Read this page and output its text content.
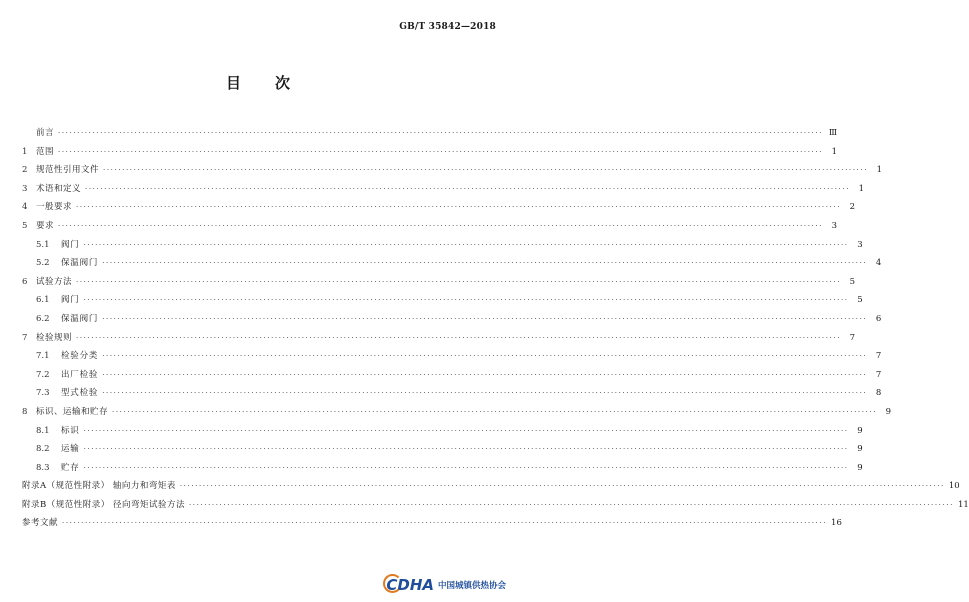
GB/T 35842—2018
目 次
前言 ········································································································································································································ Ⅲ
1	范围 ········································································································································································································	1
2	规范性引用文件 ········································································································································································································	1
3	术语和定义 ········································································································································································································	1
4	一般要求 ········································································································································································································	2
5	要求 ········································································································································································································	3
5.1	阀门 ········································································································································································································	3
5.2	保温阀门 ········································································································································································································	4
6	试验方法 ········································································································································································································	5
6.1	阀门 ········································································································································································································	5
6.2	保温阀门 ········································································································································································································	6
7	检验规则 ········································································································································································································	7
7.1	检验分类 ········································································································································································································	7
7.2	出厂检验 ········································································································································································································	7
7.3	型式检验 ········································································································································································································	8
8	标识、运输和贮存 ········································································································································································································	9
8.1	标识 ········································································································································································································	9
8.2	运输 ········································································································································································································	9
8.3	贮存 ········································································································································································································	9
附录A（规范性附录） 轴向力和弯矩表 ········································································································································································································ 10
附录B（规范性附录） 径向弯矩试验方法 ········································································································································································································ 11
参考文献 ········································································································································································································ 16
CDHA 中国城镇供热协会
